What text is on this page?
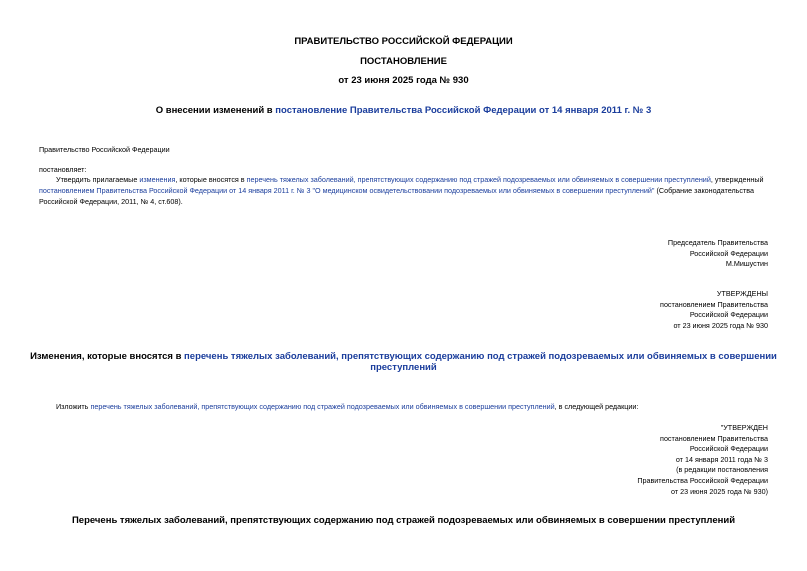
ПРАВИТЕЛЬСТВО РОССИЙСКОЙ ФЕДЕРАЦИИ
ПОСТАНОВЛЕНИЕ
от 23 июня 2025 года № 930
О внесении изменений в постановление Правительства Российской Федерации от 14 января 2011 г. № 3
Правительство Российской Федерации
постановляет:
Утвердить прилагаемые изменения, которые вносятся в перечень тяжелых заболеваний, препятствующих содержанию под стражей подозреваемых или обвиняемых в совершении преступлений, утвержденный постановлением Правительства Российской Федерации от 14 января 2011 г. № 3 "О медицинском освидетельствовании подозреваемых или обвиняемых в совершении преступлений" (Собрание законодательства Российской Федерации, 2011, № 4, ст.608).
Председатель Правительства
Российской Федерации
М.Мишустин
УТВЕРЖДЕНЫ
постановлением Правительства
Российской Федерации
от 23 июня 2025 года № 930
Изменения, которые вносятся в перечень тяжелых заболеваний, препятствующих содержанию под стражей подозреваемых или обвиняемых в совершении
преступлений
Изложить перечень тяжелых заболеваний, препятствующих содержанию под стражей подозреваемых или обвиняемых в совершении преступлений, в следующей редакции:
"УТВЕРЖДЕН
постановлением Правительства
Российской Федерации
от 14 января 2011 года № 3
(в редакции постановления
Правительства Российской Федерации
от 23 июня 2025 года № 930)
Перечень тяжелых заболеваний, препятствующих содержанию под стражей подозреваемых или обвиняемых в совершении преступлений
